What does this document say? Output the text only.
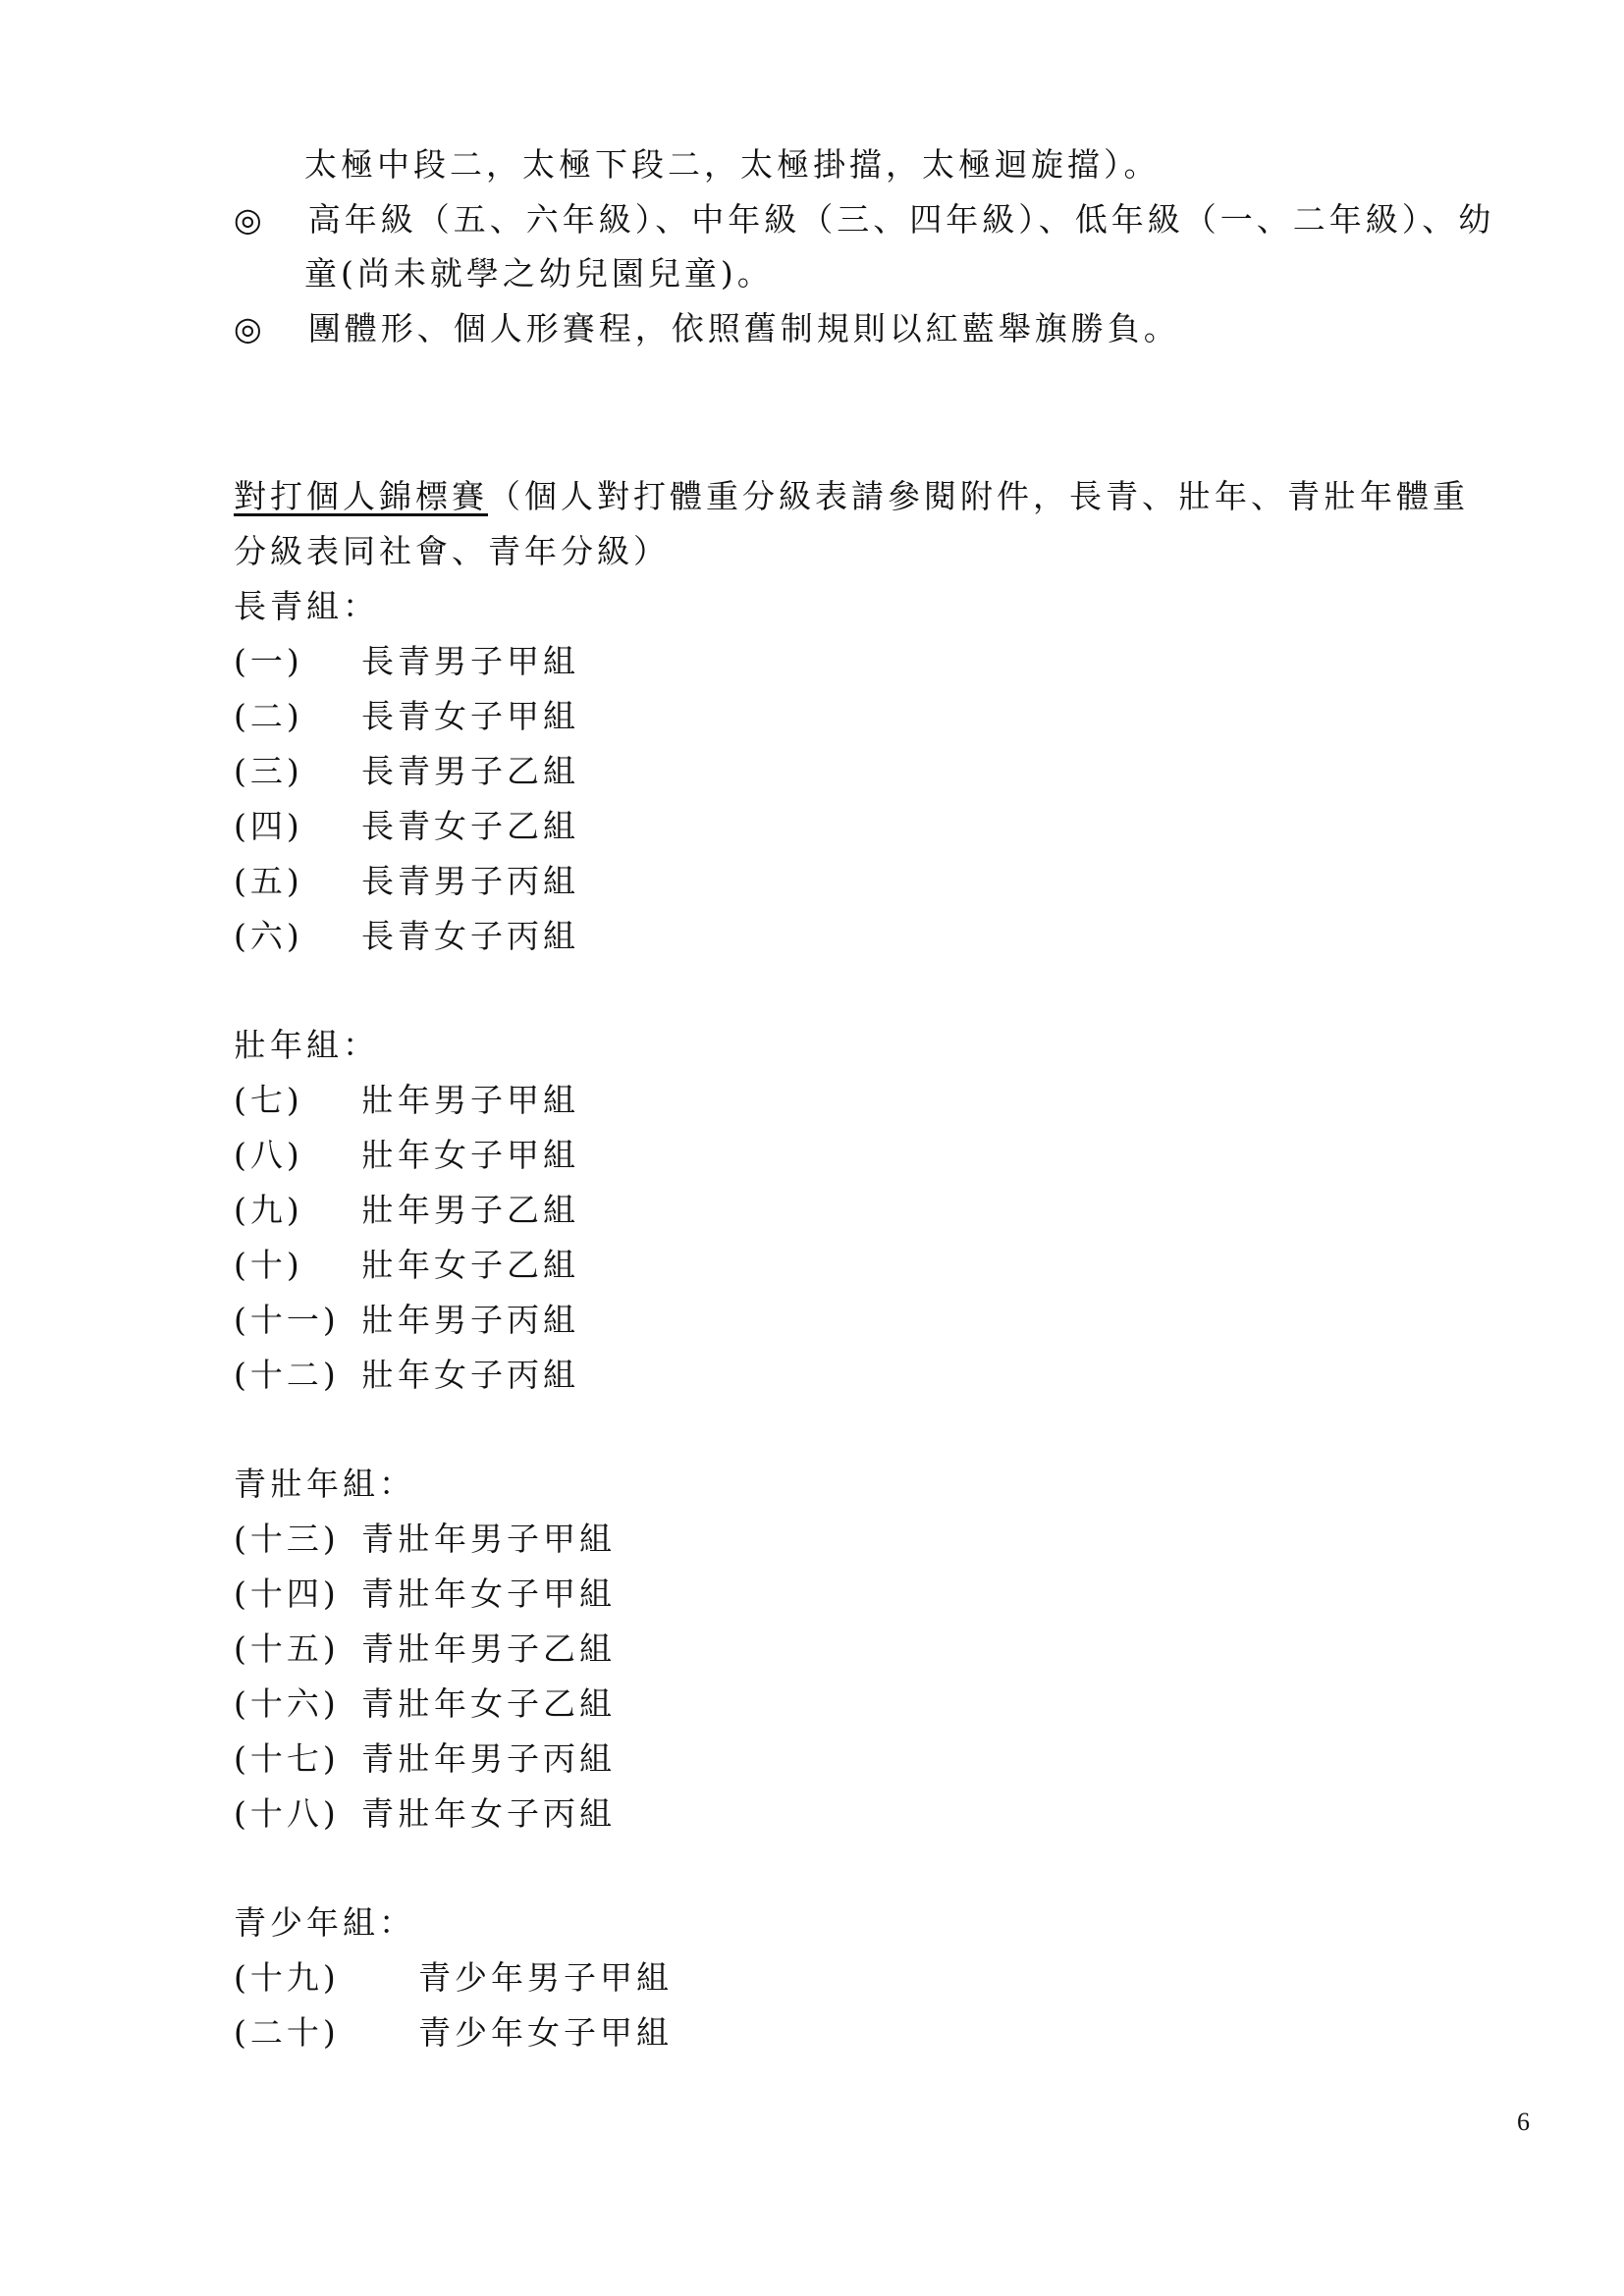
太極中段二，太極下段二，太極掛擋，太極迴旋擋）。
◎ 高年級（五、六年級）、中年級（三、四年級）、低年級（一、二年級）、幼
童(尚未就學之幼兒園兒童)。
◎ 團體形、個人形賽程，依照舊制規則以紅藍舉旗勝負。
對打個人錦標賽（個人對打體重分級表請參閱附件，長青、壯年、青壯年體重
分級表同社會、青年分級）
長青組：
(一) 長青男子甲組
(二) 長青女子甲組
(三) 長青男子乙組
(四) 長青女子乙組
(五) 長青男子丙組
(六) 長青女子丙組
壯年組：
(七) 壯年男子甲組
(八) 壯年女子甲組
(九) 壯年男子乙組
(十) 壯年女子乙組
(十一) 壯年男子丙組
(十二) 壯年女子丙組
青壯年組：
(十三) 青壯年男子甲組
(十四) 青壯年女子甲組
(十五) 青壯年男子乙組
(十六) 青壯年女子乙組
(十七) 青壯年男子丙組
(十八) 青壯年女子丙組
青少年組：
(十九) 青少年男子甲組
(二十) 青少年女子甲組
6
